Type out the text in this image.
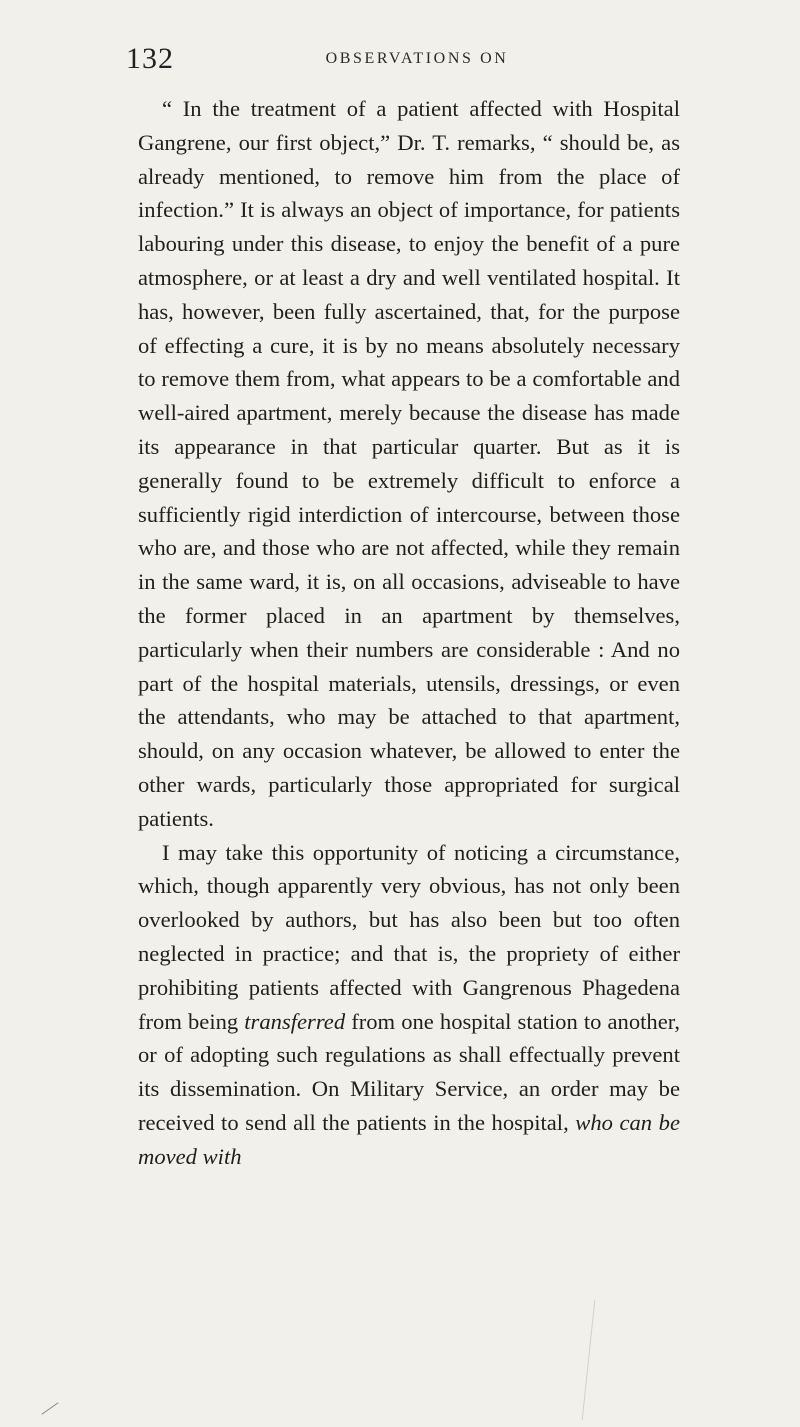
132	OBSERVATIONS ON

“ In the treatment of a patient affected with Hospital Gangrene, our first object,” Dr. T. remarks, “ should be, as already mentioned, to remove him from the place of infection.” It is always an object of importance, for patients labouring under this disease, to enjoy the benefit of a pure atmosphere, or at least a dry and well ventilated hospital. It has, however, been fully ascertained, that, for the purpose of effecting a cure, it is by no means absolutely necessary to remove them from, what appears to be a comfortable and well-aired apartment, merely because the disease has made its appearance in that particular quarter. But as it is generally found to be extremely difficult to enforce a sufficiently rigid interdiction of intercourse, between those who are, and those who are not affected, while they remain in the same ward, it is, on all occasions, adviseable to have the former placed in an apartment by themselves, particularly when their numbers are considerable : And no part of the hospital materials, utensils, dressings, or even the attendants, who may be attached to that apartment, should, on any occasion whatever, be allowed to enter the other wards, particularly those appropriated for surgical patients.

I may take this opportunity of noticing a circumstance, which, though apparently very obvious, has not only been overlooked by authors, but has also been but too often neglected in practice; and that is, the propriety of either prohibiting patients affected with Gangrenous Phagedena from being transferred from one hospital station to another, or of adopting such regulations as shall effectually prevent its dissemination. On Military Service, an order may be received to send all the patients in the hospital, who can be moved with
